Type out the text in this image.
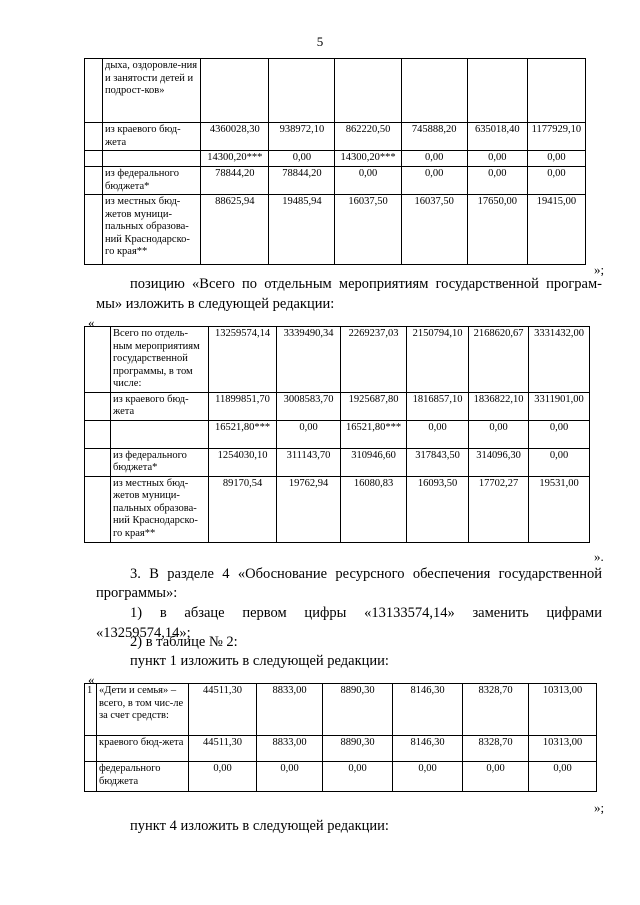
5
	дыха, оздоровле-ния и занятости детей и подрост-ков»						
	из краевого бюд-жета	4360028,30	938972,10	862220,50	745888,20	635018,40	1177929,10
		14300,20***	0,00	14300,20***	0,00	0,00	0,00
	из федерального бюджета*	78844,20	78844,20	0,00	0,00	0,00	0,00
	из местных бюд-жетов муници-пальных образова-ний Краснодарско-го края**	88625,94	19485,94	16037,50	16037,50	17650,00	19415,00
»;
позицию «Всего по отдельным мероприятиям государственной програм-
мы» изложить в следующей редакции:
«
	Всего по отдель-ным мероприятиям государственной программы, в том числе:	13259574,14	3339490,34	2269237,03	2150794,10	2168620,67	3331432,00
	из краевого бюд-жета	11899851,70	3008583,70	1925687,80	1816857,10	1836822,10	3311901,00
		16521,80***	0,00	16521,80***	0,00	0,00	0,00
	из федерального бюджета*	1254030,10	311143,70	310946,60	317843,50	314096,30	0,00
	из местных бюд-жетов муници-пальных образова-ний Краснодарско-го края**	89170,54	19762,94	16080,83	16093,50	17702,27	19531,00
».
3. В разделе 4 «Обоснование ресурсного обеспечения государственной
программы»:
1) в абзаце первом цифры «13133574,14» заменить цифрами
«13259574,14»;
2) в таблице № 2:
пункт 1 изложить в следующей редакции:
«
1	«Дети и семья» – всего, в том чис-ле за счет средств:	44511,30	8833,00	8890,30	8146,30	8328,70	10313,00
	краевого бюд-жета	44511,30	8833,00	8890,30	8146,30	8328,70	10313,00
	федерального бюджета	0,00	0,00	0,00	0,00	0,00	0,00
»;
пункт 4 изложить в следующей редакции:
